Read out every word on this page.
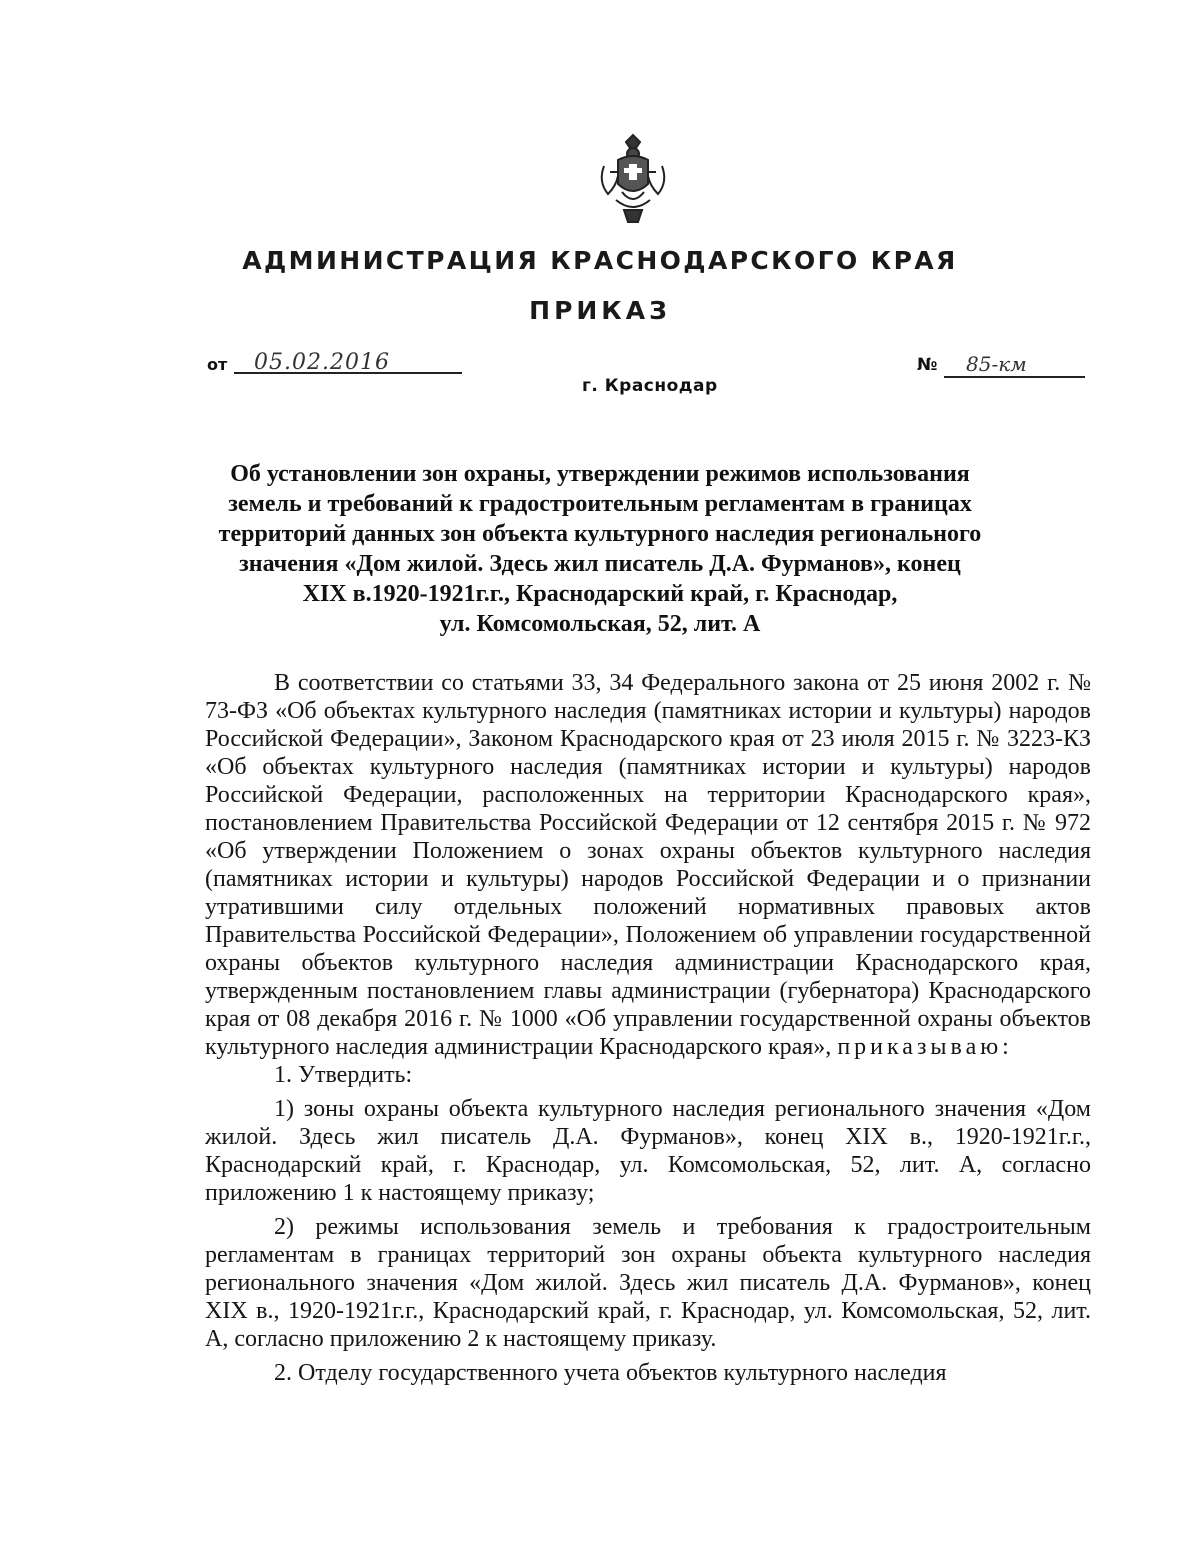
АДМИНИСТРАЦИЯ КРАСНОДАРСКОГО КРАЯ
ПРИКАЗ
от 05.02.2016
г. Краснодар
№ 85-км
Об установлении зон охраны, утверждении режимов использования
земель и требований к градостроительным регламентам в границах
территорий данных зон объекта культурного наследия регионального
значения «Дом жилой. Здесь жил писатель Д.А. Фурманов», конец
XIX в.1920-1921г.г., Краснодарский край, г. Краснодар,
ул. Комсомольская, 52, лит. А

В соответствии со статьями 33, 34 Федерального закона от 25 июня 2002 г. № 73-ФЗ «Об объектах культурного наследия (памятниках истории и культуры) народов Российской Федерации», Законом Краснодарского края от 23 июля 2015 г. № 3223-КЗ «Об объектах культурного наследия (памятниках истории и культуры) народов Российской Федерации, расположенных на территории Краснодарского края», постановлением Правительства Российской Федерации от 12 сентября 2015 г. № 972 «Об утверждении Положением о зонах охраны объектов культурного наследия (памятниках истории и культуры) народов Российской Федерации и о признании утратившими силу отдельных положений нормативных правовых актов Правительства Российской Федерации», Положением об управлении государственной охраны объектов культурного наследия администрации Краснодарского края, утвержденным постановлением главы администрации (губернатора) Краснодарского края от 08 декабря 2016 г. № 1000 «Об управлении государственной охраны объектов культурного наследия администрации Краснодарского края», приказываю:

1. Утвердить:

1) зоны охраны объекта культурного наследия регионального значения «Дом жилой. Здесь жил писатель Д.А. Фурманов», конец XIX в., 1920-1921г.г., Краснодарский край, г. Краснодар, ул. Комсомольская, 52, лит. А, согласно приложению 1 к настоящему приказу;

2) режимы использования земель и требования к градостроительным регламентам в границах территорий зон охраны объекта культурного наследия регионального значения «Дом жилой. Здесь жил писатель Д.А. Фурманов», конец XIX в., 1920-1921г.г., Краснодарский край, г. Краснодар, ул. Комсомольская, 52, лит. А, согласно приложению 2 к настоящему приказу.

2. Отделу государственного учета объектов культурного наследия
